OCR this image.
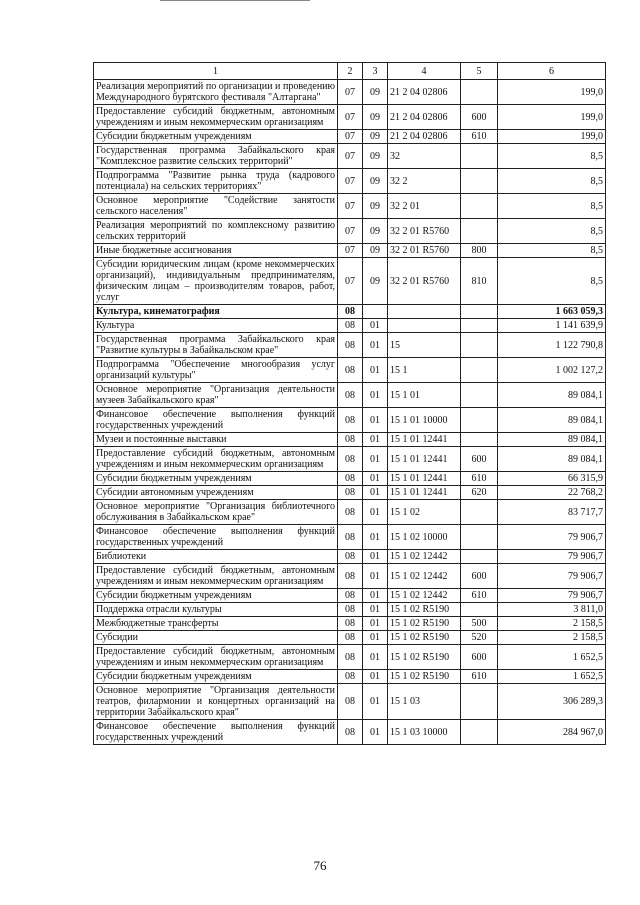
1	2	3	4	5	6
Реализация мероприятий по организации и проведению Международного бурятского фестиваля "Алтаргана"	07	09	21 2 04 02806		199,0
Предоставление субсидий бюджетным, автономным учреждениям и иным некоммерческим организациям	07	09	21 2 04 02806	600	199,0
Субсидии бюджетным учреждениям	07	09	21 2 04 02806	610	199,0
Государственная программа Забайкальского края "Комплексное развитие сельских территорий"	07	09	32		8,5
Подпрограмма "Развитие рынка труда (кадрового потенциала) на сельских территориях"	07	09	32 2		8,5
Основное мероприятие "Содействие занятости сельского населения"	07	09	32 2 01		8,5
Реализация мероприятий по комплексному развитию сельских территорий	07	09	32 2 01 R5760		8,5
Иные бюджетные ассигнования	07	09	32 2 01 R5760	800	8,5
Субсидии юридическим лицам (кроме некоммерческих организаций), индивидуальным предпринимателям, физическим лицам – производителям товаров, работ, услуг	07	09	32 2 01 R5760	810	8,5
Культура, кинематография	08				1 663 059,3
Культура	08	01			1 141 639,9
Государственная программа Забайкальского края "Развитие культуры в Забайкальском крае"	08	01	15		1 122 790,8
Подпрограмма "Обеспечение многообразия услуг организаций культуры"	08	01	15 1		1 002 127,2
Основное мероприятие "Организация деятельности музеев Забайкальского края"	08	01	15 1 01		89 084,1
Финансовое обеспечение выполнения функций государственных учреждений	08	01	15 1 01 10000		89 084,1
Музеи и постоянные выставки	08	01	15 1 01 12441		89 084,1
Предоставление субсидий бюджетным, автономным учреждениям и иным некоммерческим организациям	08	01	15 1 01 12441	600	89 084,1
Субсидии бюджетным учреждениям	08	01	15 1 01 12441	610	66 315,9
Субсидии автономным учреждениям	08	01	15 1 01 12441	620	22 768,2
Основное мероприятие "Организация библиотечного обслуживания в Забайкальском крае"	08	01	15 1 02		83 717,7
Финансовое обеспечение выполнения функций государственных учреждений	08	01	15 1 02 10000		79 906,7
Библиотеки	08	01	15 1 02 12442		79 906,7
Предоставление субсидий бюджетным, автономным учреждениям и иным некоммерческим организациям	08	01	15 1 02 12442	600	79 906,7
Субсидии бюджетным учреждениям	08	01	15 1 02 12442	610	79 906,7
Поддержка отрасли культуры	08	01	15 1 02 R5190		3 811,0
Межбюджетные трансферты	08	01	15 1 02 R5190	500	2 158,5
Субсидии	08	01	15 1 02 R5190	520	2 158,5
Предоставление субсидий бюджетным, автономным учреждениям и иным некоммерческим организациям	08	01	15 1 02 R5190	600	1 652,5
Субсидии бюджетным учреждениям	08	01	15 1 02 R5190	610	1 652,5
Основное мероприятие "Организация деятельности театров, филармонии и концертных организаций на территории Забайкальского края"	08	01	15 1 03		306 289,3
Финансовое обеспечение выполнения функций государственных учреждений	08	01	15 1 03 10000		284 967,0
76
